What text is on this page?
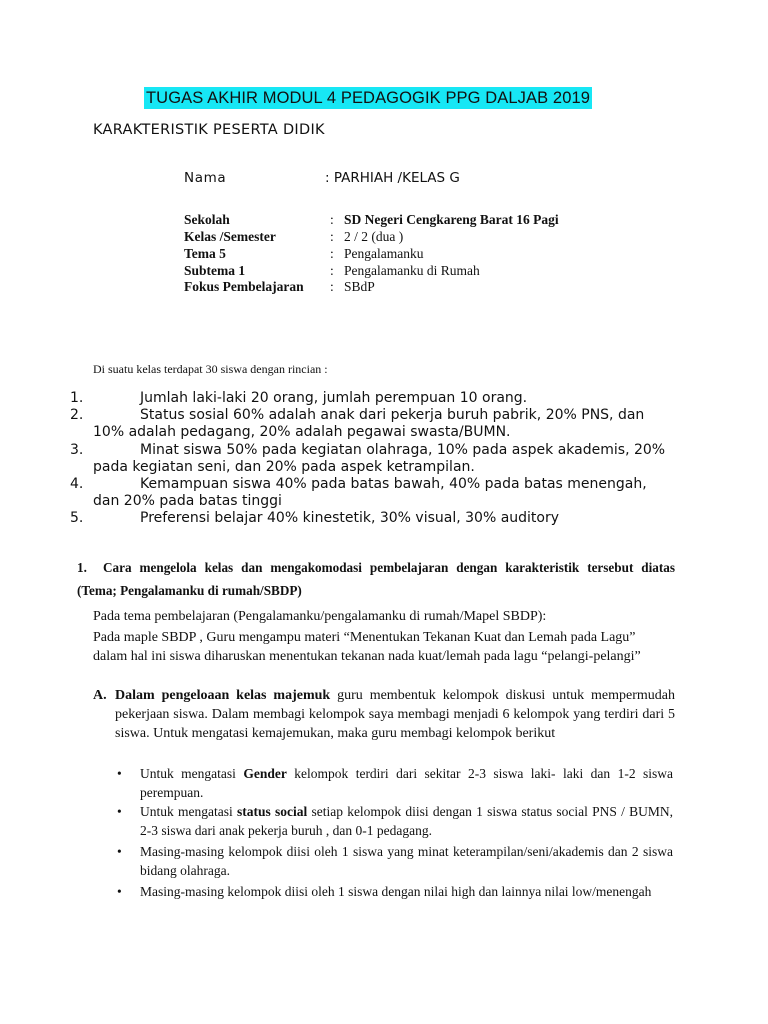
TUGAS AKHIR MODUL 4 PEDAGOGIK PPG DALJAB 2019
KARAKTERISTIK PESERTA DIDIK
Nama	: PARHIAH /KELAS G
Sekolah	: SD Negeri Cengkareng Barat 16 Pagi
Kelas /Semester	: 2 / 2 (dua )
Tema 5	: Pengalamanku
Subtema 1	: Pengalamanku di Rumah
Fokus Pembelajaran : SBdP
Di suatu kelas terdapat 30 siswa dengan rincian :
1.	Jumlah laki-laki 20 orang, jumlah perempuan 10 orang.
2.	Status sosial 60% adalah anak dari pekerja buruh pabrik, 20% PNS, dan 10% adalah pedagang, 20% adalah pegawai swasta/BUMN.
3.	Minat siswa 50% pada kegiatan olahraga, 10% pada aspek akademis, 20% pada kegiatan seni, dan 20% pada aspek ketrampilan.
4.	Kemampuan siswa 40% pada batas bawah, 40% pada batas menengah, dan 20% pada batas tinggi
5.	Preferensi belajar 40% kinestetik, 30% visual, 30% auditory
1.	Cara mengelola kelas dan mengakomodasi pembelajaran dengan karakteristik tersebut diatas (Tema; Pengalamanku di rumah/SBDP)
Pada tema pembelajaran (Pengalamanku/pengalamanku di rumah/Mapel SBDP):
Pada maple SBDP , Guru mengampu materi “Menentukan Tekanan Kuat dan Lemah pada Lagu” dalam hal ini siswa diharuskan menentukan tekanan nada kuat/lemah pada lagu “pelangi-pelangi”
A. Dalam pengeloaan kelas majemuk guru membentuk kelompok diskusi untuk mempermudah pekerjaan siswa. Dalam membagi kelompok saya membagi menjadi 6 kelompok yang terdiri dari 5 siswa. Untuk mengatasi kemajemukan, maka guru membagi kelompok berikut
•	Untuk mengatasi Gender kelompok terdiri dari sekitar 2-3 siswa laki- laki dan 1-2 siswa perempuan.
•	Untuk mengatasi status social setiap kelompok diisi dengan 1 siswa status social PNS / BUMN, 2-3 siswa dari anak pekerja buruh , dan 0-1 pedagang.
•	Masing-masing kelompok diisi oleh 1 siswa yang minat keterampilan/seni/akademis dan 2 siswa bidang olahraga.
•	Masing-masing kelompok diisi oleh 1 siswa dengan nilai high dan lainnya nilai low/menengah
